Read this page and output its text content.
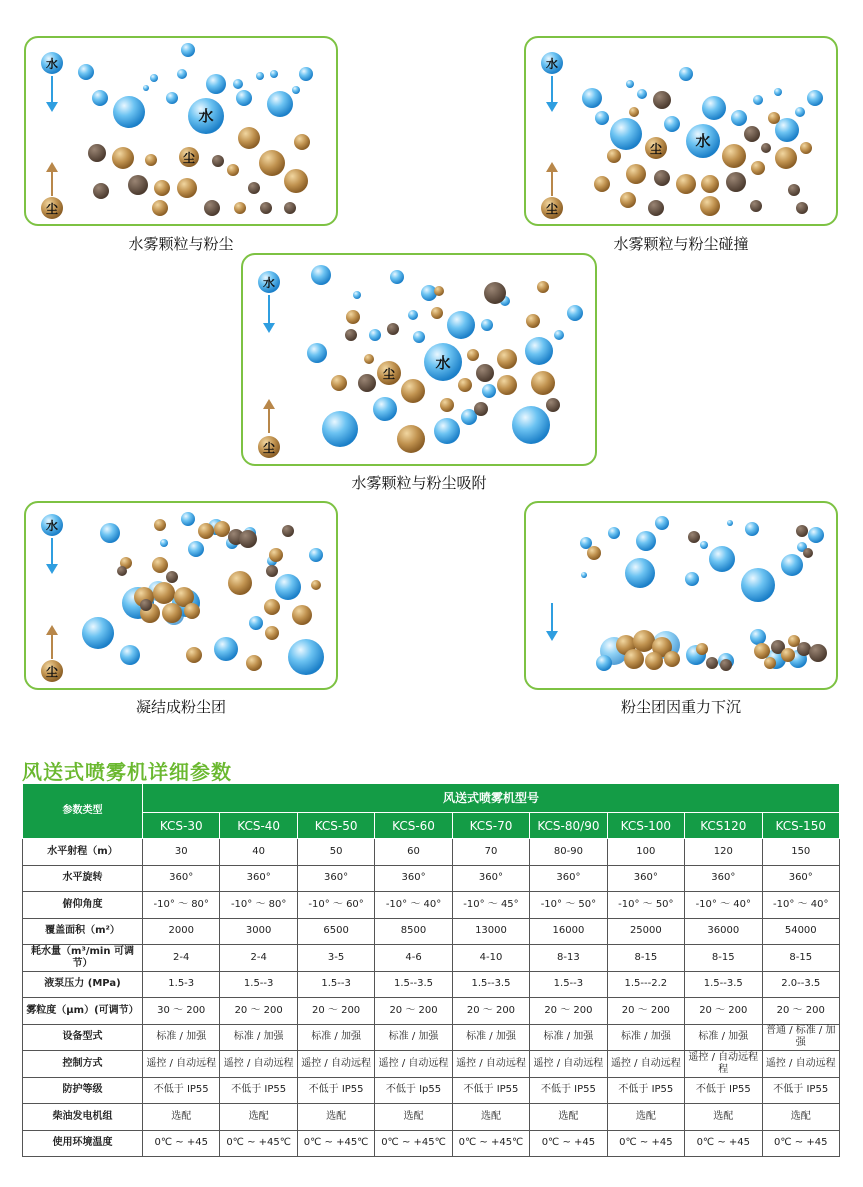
水
尘
水
尘
水雾颗粒与粉尘
水
尘
水
尘
水雾颗粒与粉尘碰撞
水
尘
水
尘
水雾颗粒与粉尘吸附
水
尘
凝结成粉尘团	粉尘团因重力下沉
风送式喷雾机详细参数
参数类型	风送式喷雾机型号								
	KCS-30	KCS-40	KCS-50	KCS-60	KCS-70	KCS-80/90	KCS-100	KCS120	KCS-150
水平射程（m）	30	40	50	60	70	80-90	100	120	150
水平旋转	360°	360°	360°	360°	360°	360°	360°	360°	360°
俯仰角度	-10° ～ 80°	-10° ～ 80°	-10° ～ 60°	-10° ～ 40°	-10° ～ 45°	-10° ～ 50°	-10° ～ 50°	-10° ～ 40°	-10° ～ 40°
覆盖面积（m²）	2000	3000	6500	8500	13000	16000	25000	36000	54000
耗水量（m³/min 可调节）	2-4	2-4	3-5	4-6	4-10	8-13	8-15	8-15	8-15
液泵压力 (MPa)	1.5-3	1.5--3	1.5--3	1.5--3.5	1.5--3.5	1.5--3	1.5---2.2	1.5--3.5	2.0--3.5
雾粒度（μm）(可调节）	30 ～ 200	20 ～ 200	20 ～ 200	20 ～ 200	20 ～ 200	20 ～ 200	20 ～ 200	20 ～ 200	20 ～ 200
设备型式	标准 / 加强	标准 / 加强	标准 / 加强	标准 / 加强	标准 / 加强	标准 / 加强	标准 / 加强	标准 / 加强	普通 / 标准 / 加强
控制方式	遥控 / 自动远程	遥控 / 自动远程	遥控 / 自动远程	遥控 / 自动远程	遥控 / 自动远程	遥控 / 自动远程	遥控 / 自动远程	遥控 / 自动远程程	遥控 / 自动远程
防护等级	不低于 IP55	不低于 IP55	不低于 IP55	不低于 Ip55	不低于 IP55	不低于 IP55	不低于 IP55	不低于 IP55	不低于 IP55
柴油发电机组	选配	选配	选配	选配	选配	选配	选配	选配	选配
使用环境温度	0℃ ~ +45	0℃ ~ +45℃	0℃ ~ +45℃	0℃ ~ +45℃	0℃ ~ +45℃	0℃ ~ +45	0℃ ~ +45	0℃ ~ +45	0℃ ~ +45
